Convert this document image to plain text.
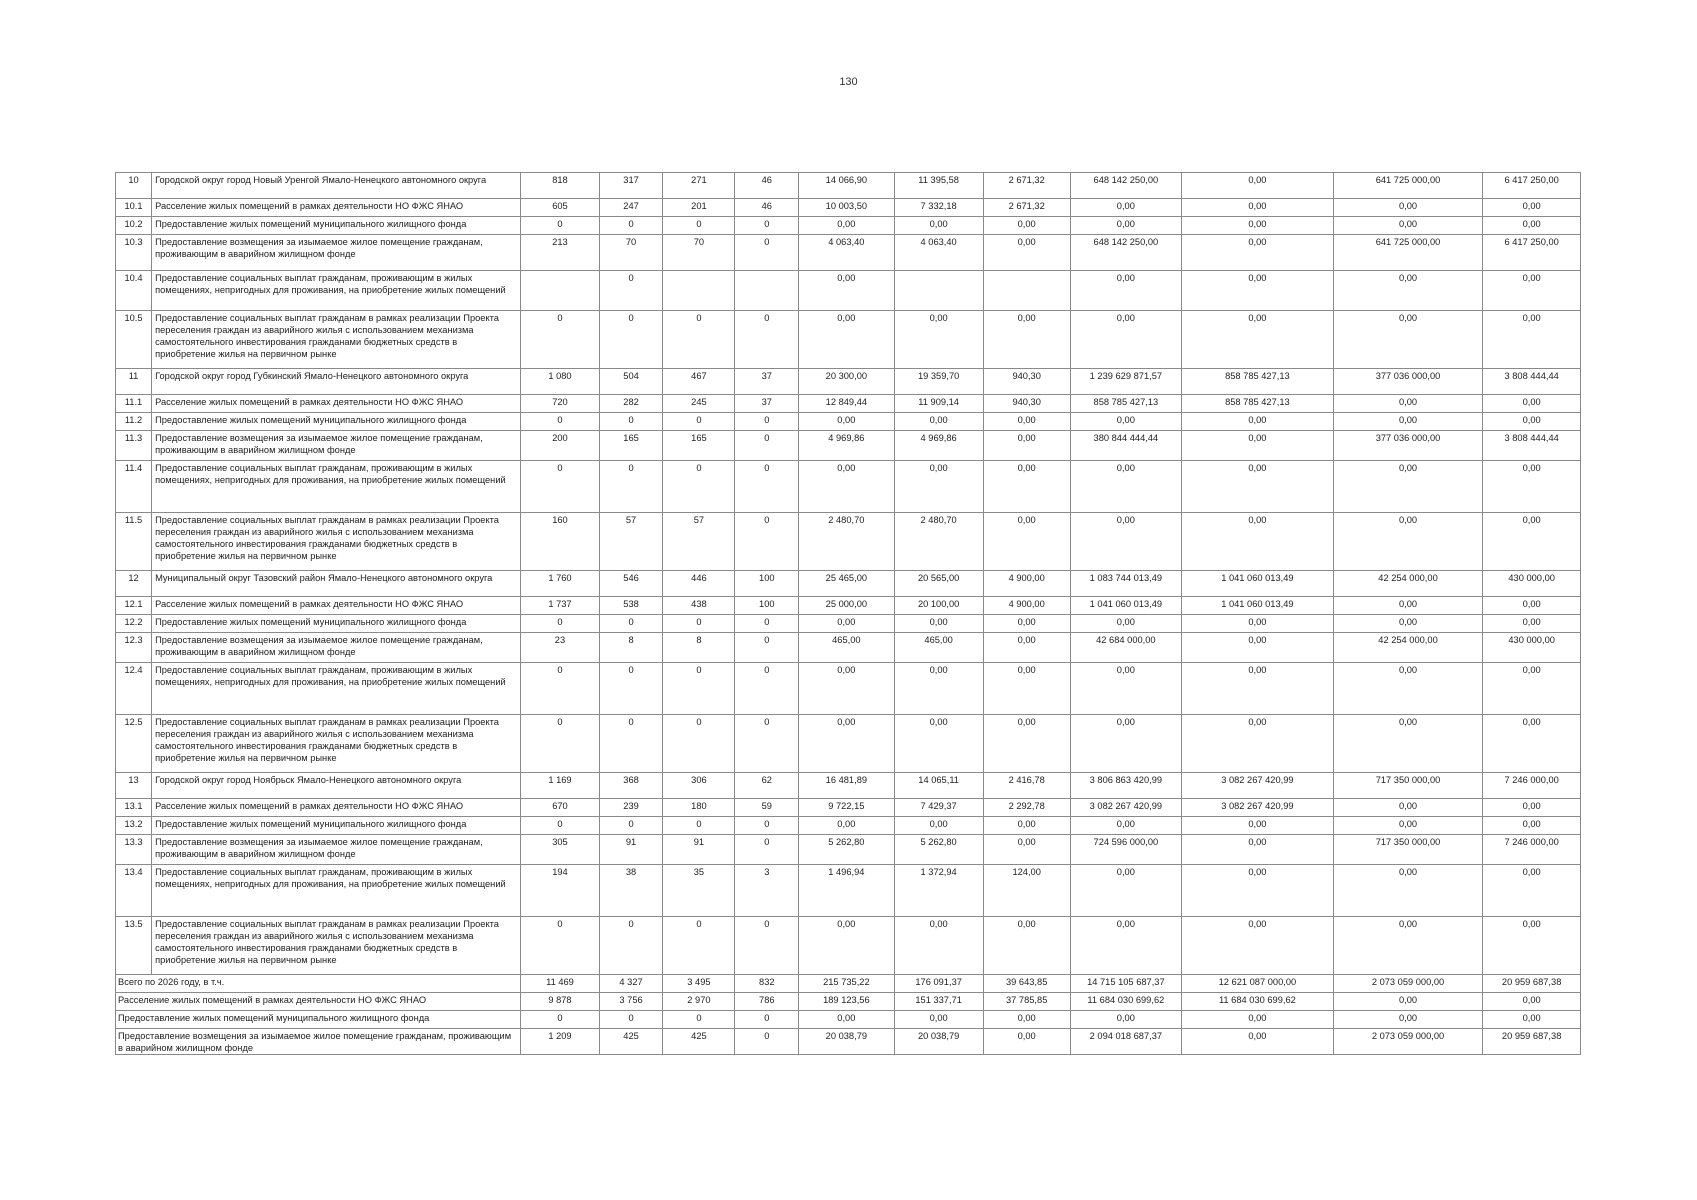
130
10	Городской округ город Новый Уренгой Ямало-Ненецкого автономного округа	818	317	271	46	14 066,90	11 395,58	2 671,32	648 142 250,00	0,00	641 725 000,00	6 417 250,00
10.1	Расселение жилых помещений в рамках деятельности НО ФЖС ЯНАО	605	247	201	46	10 003,50	7 332,18	2 671,32	0,00	0,00	0,00	0,00
10.2	Предоставление жилых помещений муниципального жилищного фонда	0	0	0	0	0,00	0,00	0,00	0,00	0,00	0,00	0,00
10.3	Предоставление возмещения за изымаемое жилое помещение гражданам, проживающим в аварийном жилищном фонде	213	70	70	0	4 063,40	4 063,40	0,00	648 142 250,00	0,00	641 725 000,00	6 417 250,00
10.4	Предоставление социальных выплат гражданам, проживающим в жилых помещениях, непригодных для проживания, на приобретение жилых помещений		0			0,00			0,00	0,00	0,00	0,00
10.5	Предоставление социальных выплат гражданам в рамках реализации Проекта переселения граждан из аварийного жилья с использованием механизма самостоятельного инвестирования гражданами бюджетных средств в приобретение жилья на первичном рынке	0	0	0	0	0,00	0,00	0,00	0,00	0,00	0,00	0,00
11	Городской округ город Губкинский Ямало-Ненецкого автономного округа	1 080	504	467	37	20 300,00	19 359,70	940,30	1 239 629 871,57	858 785 427,13	377 036 000,00	3 808 444,44
11.1	Расселение жилых помещений в рамках деятельности НО ФЖС ЯНАО	720	282	245	37	12 849,44	11 909,14	940,30	858 785 427,13	858 785 427,13	0,00	0,00
11.2	Предоставление жилых помещений муниципального жилищного фонда	0	0	0	0	0,00	0,00	0,00	0,00	0,00	0,00	0,00
11.3	Предоставление возмещения за изымаемое жилое помещение гражданам, проживающим в аварийном жилищном фонде	200	165	165	0	4 969,86	4 969,86	0,00	380 844 444,44	0,00	377 036 000,00	3 808 444,44
11.4	Предоставление социальных выплат гражданам, проживающим в жилых помещениях, непригодных для проживания, на приобретение жилых помещений	0	0	0	0	0,00	0,00	0,00	0,00	0,00	0,00	0,00
11.5	Предоставление социальных выплат гражданам в рамках реализации Проекта переселения граждан из аварийного жилья с использованием механизма самостоятельного инвестирования гражданами бюджетных средств в приобретение жилья на первичном рынке	160	57	57	0	2 480,70	2 480,70	0,00	0,00	0,00	0,00	0,00
12	Муниципальный округ Тазовский район Ямало-Ненецкого автономного округа	1 760	546	446	100	25 465,00	20 565,00	4 900,00	1 083 744 013,49	1 041 060 013,49	42 254 000,00	430 000,00
12.1	Расселение жилых помещений в рамках деятельности НО ФЖС ЯНАО	1 737	538	438	100	25 000,00	20 100,00	4 900,00	1 041 060 013,49	1 041 060 013,49	0,00	0,00
12.2	Предоставление жилых помещений муниципального жилищного фонда	0	0	0	0	0,00	0,00	0,00	0,00	0,00	0,00	0,00
12.3	Предоставление возмещения за изымаемое жилое помещение гражданам, проживающим в аварийном жилищном фонде	23	8	8	0	465,00	465,00	0,00	42 684 000,00	0,00	42 254 000,00	430 000,00
12.4	Предоставление социальных выплат гражданам, проживающим в жилых помещениях, непригодных для проживания, на приобретение жилых помещений	0	0	0	0	0,00	0,00	0,00	0,00	0,00	0,00	0,00
12.5	Предоставление социальных выплат гражданам в рамках реализации Проекта переселения граждан из аварийного жилья с использованием механизма самостоятельного инвестирования гражданами бюджетных средств в приобретение жилья на первичном рынке	0	0	0	0	0,00	0,00	0,00	0,00	0,00	0,00	0,00
13	Городской округ город Ноябрьск Ямало-Ненецкого автономного округа	1 169	368	306	62	16 481,89	14 065,11	2 416,78	3 806 863 420,99	3 082 267 420,99	717 350 000,00	7 246 000,00
13.1	Расселение жилых помещений в рамках деятельности НО ФЖС ЯНАО	670	239	180	59	9 722,15	7 429,37	2 292,78	3 082 267 420,99	3 082 267 420,99	0,00	0,00
13.2	Предоставление жилых помещений муниципального жилищного фонда	0	0	0	0	0,00	0,00	0,00	0,00	0,00	0,00	0,00
13.3	Предоставление возмещения за изымаемое жилое помещение гражданам, проживающим в аварийном жилищном фонде	305	91	91	0	5 262,80	5 262,80	0,00	724 596 000,00	0,00	717 350 000,00	7 246 000,00
13.4	Предоставление социальных выплат гражданам, проживающим в жилых помещениях, непригодных для проживания, на приобретение жилых помещений	194	38	35	3	1 496,94	1 372,94	124,00	0,00	0,00	0,00	0,00
13.5	Предоставление социальных выплат гражданам в рамках реализации Проекта переселения граждан из аварийного жилья с использованием механизма самостоятельного инвестирования гражданами бюджетных средств в приобретение жилья на первичном рынке	0	0	0	0	0,00	0,00	0,00	0,00	0,00	0,00	0,00
Всего по 2026 году, в т.ч.		11 469	4 327	3 495	832	215 735,22	176 091,37	39 643,85	14 715 105 687,37	12 621 087 000,00	2 073 059 000,00	20 959 687,38
Расселение жилых помещений в рамках деятельности НО ФЖС ЯНАО		9 878	3 756	2 970	786	189 123,56	151 337,71	37 785,85	11 684 030 699,62	11 684 030 699,62	0,00	0,00
Предоставление жилых помещений муниципального жилищного фонда		0	0	0	0	0,00	0,00	0,00	0,00	0,00	0,00	0,00
Предоставление возмещения за изымаемое жилое помещение гражданам, проживающим в аварийном жилищном фонде		1 209	425	425	0	20 038,79	20 038,79	0,00	2 094 018 687,37	0,00	2 073 059 000,00	20 959 687,38
